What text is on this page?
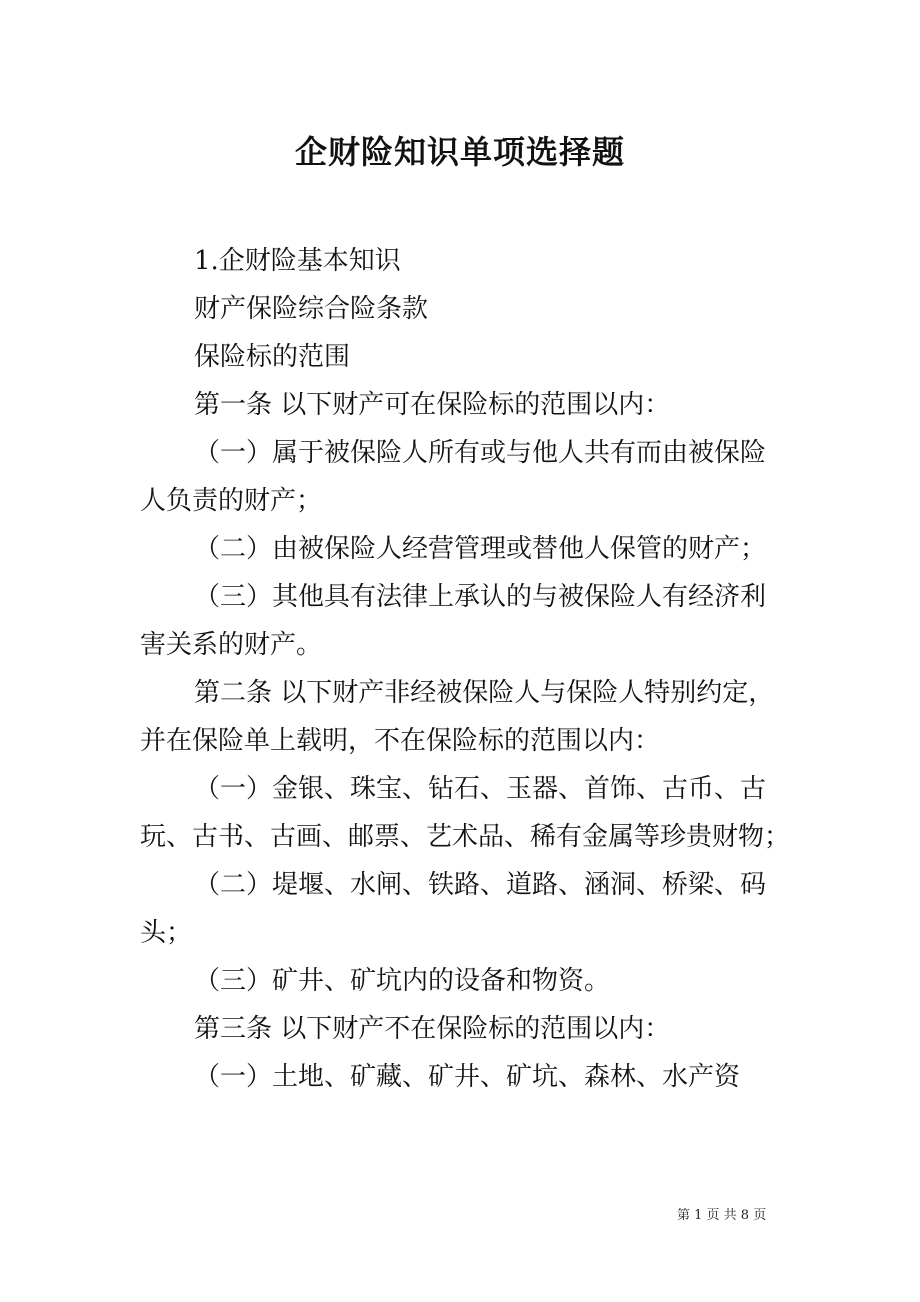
企财险知识单项选择题

1.企财险基本知识

财产保险综合险条款

保险标的范围

第一条 以下财产可在保险标的范围以内：

（一）属于被保险人所有或与他人共有而由被保险人负责的财产；

（二）由被保险人经营管理或替他人保管的财产；

（三）其他具有法律上承认的与被保险人有经济利害关系的财产。

第二条 以下财产非经被保险人与保险人特别约定，并在保险单上载明，不在保险标的范围以内：

（一）金银、珠宝、钻石、玉器、首饰、古币、古玩、古书、古画、邮票、艺术品、稀有金属等珍贵财物；

（二）堤堰、水闸、铁路、道路、涵洞、桥梁、码头；

（三）矿井、矿坑内的设备和物资。

第三条 以下财产不在保险标的范围以内：

（一）土地、矿藏、矿井、矿坑、森林、水产资

第 1 页 共 8 页
